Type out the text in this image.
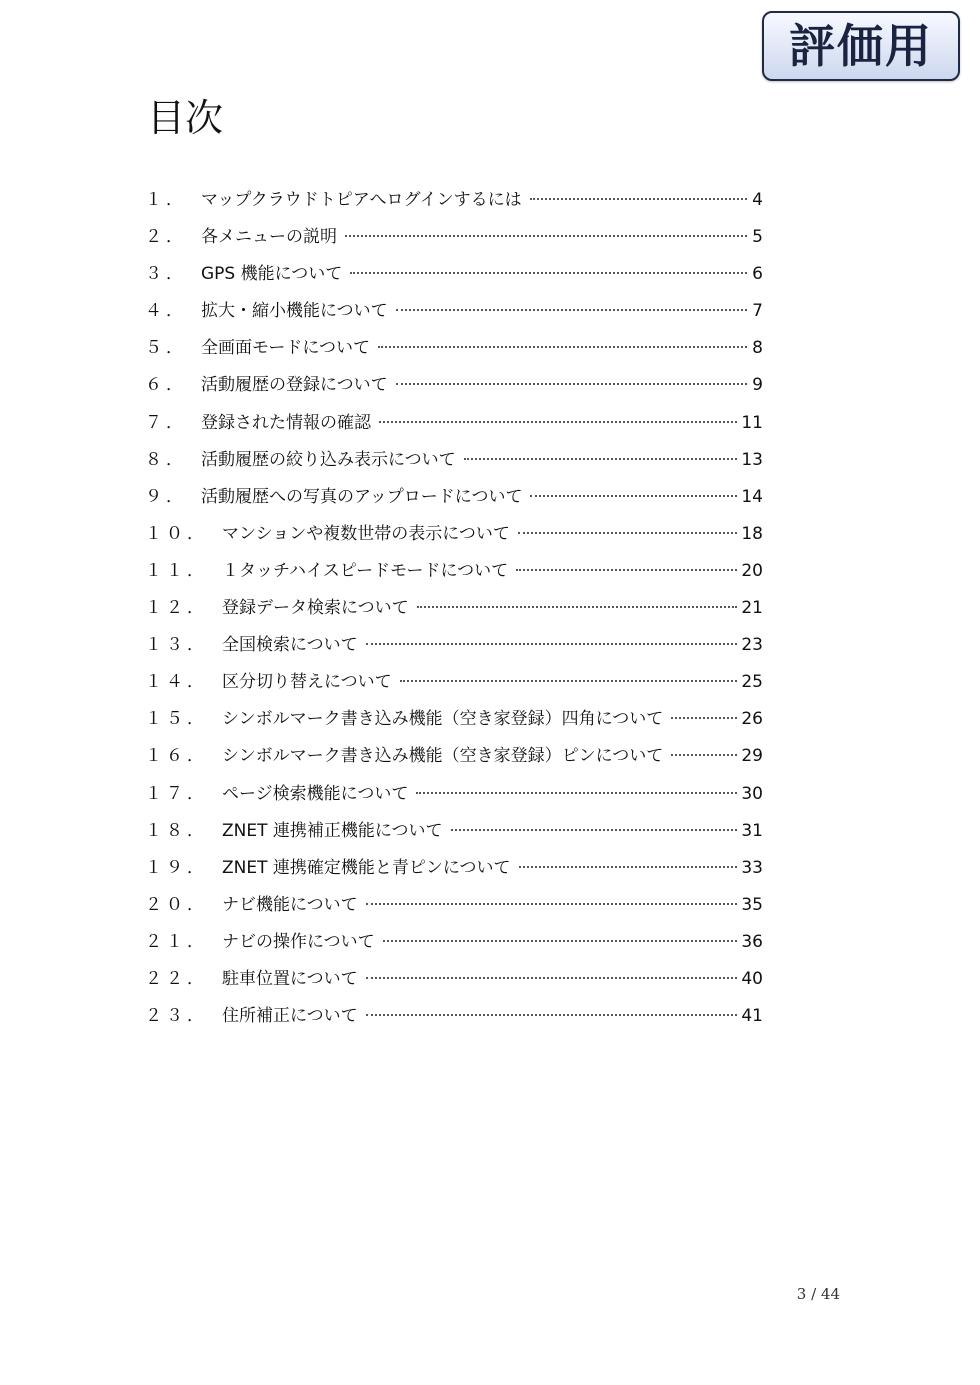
評価用
目次
１． マップクラウドトピアへログインするには	4
２． 各メニューの説明	5
３． GPS 機能について	6
４． 拡大・縮小機能について	7
５． 全画面モードについて	8
６． 活動履歴の登録について	9
７． 登録された情報の確認	11
８． 活動履歴の絞り込み表示について	13
９． 活動履歴への写真のアップロードについて	14
１０． マンションや複数世帯の表示について	18
１１． １タッチハイスピードモードについて	20
１２． 登録データ検索について	21
１３． 全国検索について	23
１４． 区分切り替えについて	25
１５． シンボルマーク書き込み機能（空き家登録）四角について	26
１６． シンボルマーク書き込み機能（空き家登録）ピンについて	29
１７． ページ検索機能について	30
１８． ZNET 連携補正機能について	31
１９． ZNET 連携確定機能と青ピンについて	33
２０． ナビ機能について	35
２１． ナビの操作について	36
２２． 駐車位置について	40
２３． 住所補正について	41
3 / 44
